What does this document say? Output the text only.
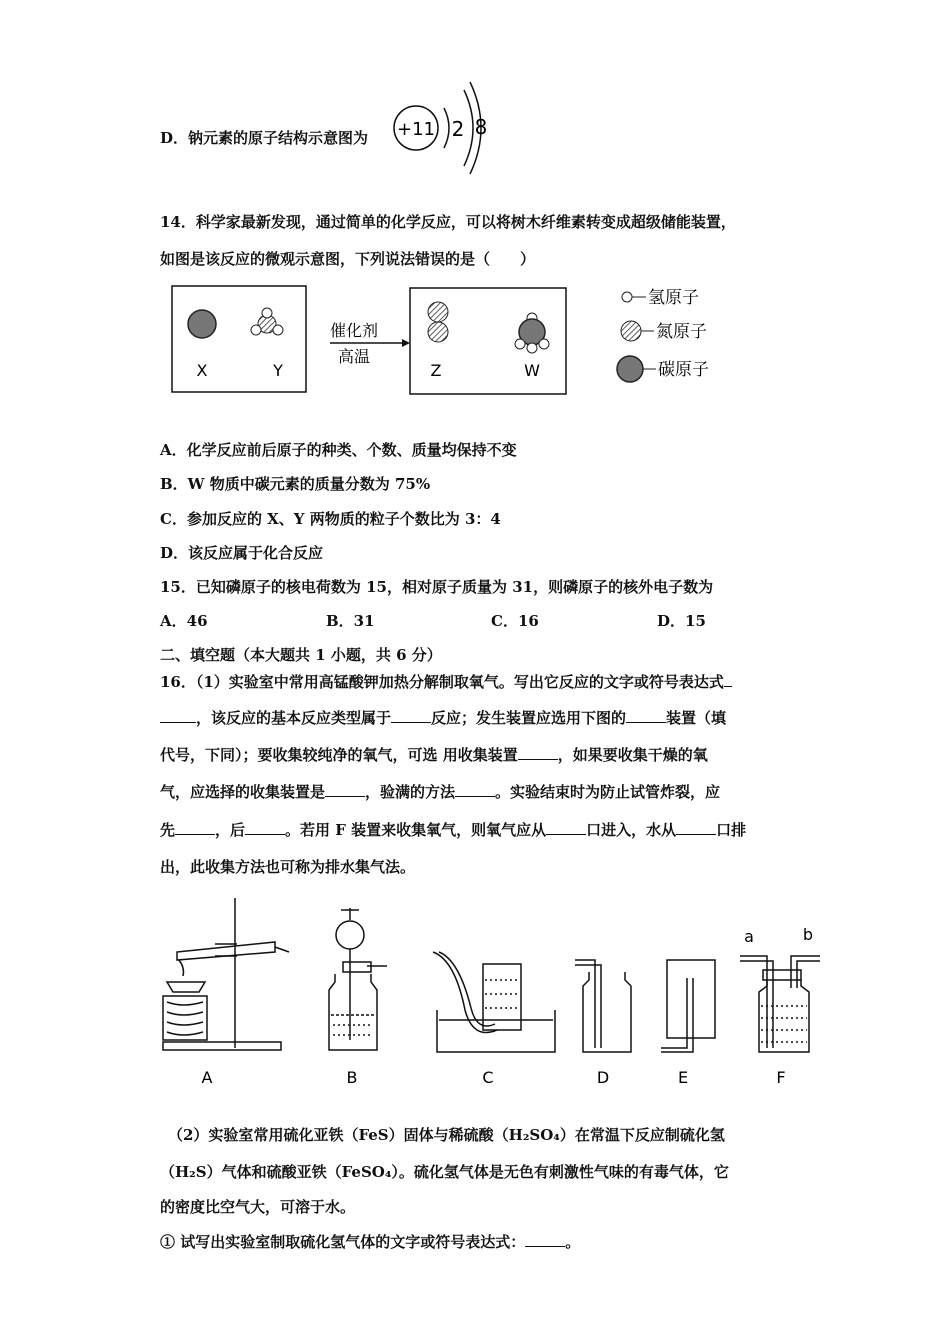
D．钠元素的原子结构示意图为 +11 2 8
14．科学家最新发现，通过简单的化学反应，可以将树木纤维素转变成超级储能装置，
如图是该反应的微观示意图，下列说法错误的是（　　）
X	Y
催化剂
高温
Z	W
氢原子
氮原子
碳原子
A．化学反应前后原子的种类、个数、质量均保持不变
B．W 物质中碳元素的质量分数为 75%
C．参加反应的 X、Y 两物质的粒子个数比为 3：4
D．该反应属于化合反应
15．已知磷原子的核电荷数为 15，相对原子质量为 31，则磷原子的核外电子数为
A．46	B．31	C．16	D．15
二、填空题（本大题共 1 小题，共 6 分）
16．（1）实验室中常用高锰酸钾加热分解制取氧气。写出它反应的文字或符号表达式
，该反应的基本反应类型属于	反应；发生装置应选用下图的	装置（填
代号，下同）；要收集较纯净的氧气，可选 用收集装置	，如果要收集干燥的氧
气，应选择的收集装置是	，验满的方法	。实验结束时为防止试管炸裂，应
先	，后	。若用 F 装置来收集氧气，则氧气应从	口进入，水从	口排
出，此收集方法也可称为排水集气法。
A	B	C	D	E
a	b
F
（2）实验室常用硫化亚铁（FeS）固体与稀硫酸（H₂SO₄）在常温下反应制硫化氢
（H₂S）气体和硫酸亚铁（FeSO₄）。硫化氢气体是无色有刺激性气味的有毒气体，它
的密度比空气大，可溶于水。
① 试写出实验室制取硫化氢气体的文字或符号表达式：	。
